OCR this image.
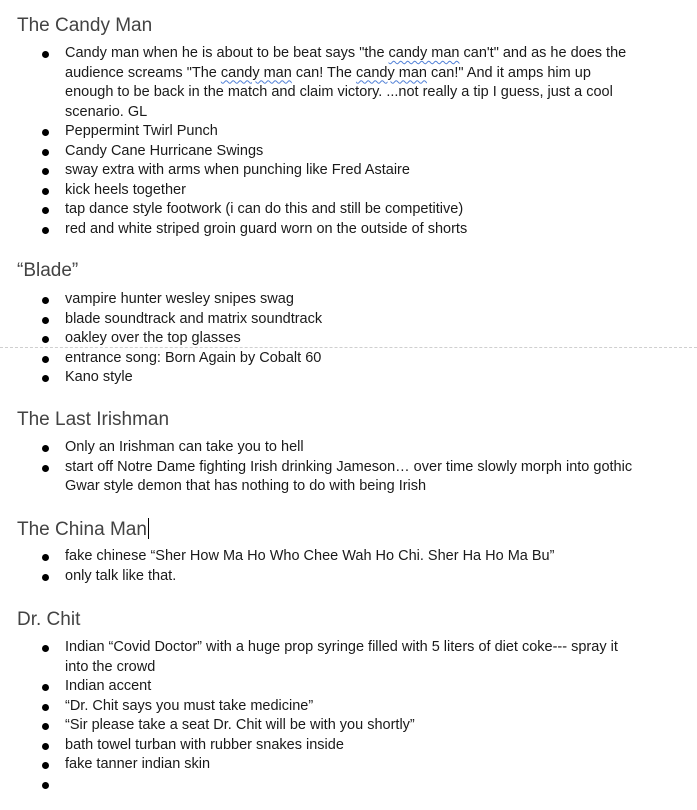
The Candy Man
Candy man when he is about to be beat says "the candy man can't" and as he does the audience screams "The candy man can! The candy man can!" And it amps him up enough to be back in the match and claim victory. ...not really a tip I guess, just a cool scenario. GL
Peppermint Twirl Punch
Candy Cane Hurricane Swings
sway extra with arms when punching like Fred Astaire
kick heels together
tap dance style footwork (i can do this and still be competitive)
red and white striped groin guard worn on the outside of shorts
“Blade”
vampire hunter wesley snipes swag
blade soundtrack and matrix soundtrack
oakley over the top glasses
entrance song: Born Again by Cobalt 60
Kano style
The Last Irishman
Only an Irishman can take you to hell
start off Notre Dame fighting Irish drinking Jameson… over time slowly morph into gothic Gwar style demon that has nothing to do with being Irish
The China Man
fake chinese “Sher How Ma Ho Who Chee Wah Ho Chi. Sher Ha Ho Ma Bu”
only talk like that.
Dr. Chit
Indian “Covid Doctor” with a huge prop syringe filled with 5 liters of diet coke--- spray it into the crowd
Indian accent
“Dr. Chit says you must take medicine”
“Sir please take a seat Dr. Chit will be with you shortly”
bath towel turban with rubber snakes inside
fake tanner indian skin
